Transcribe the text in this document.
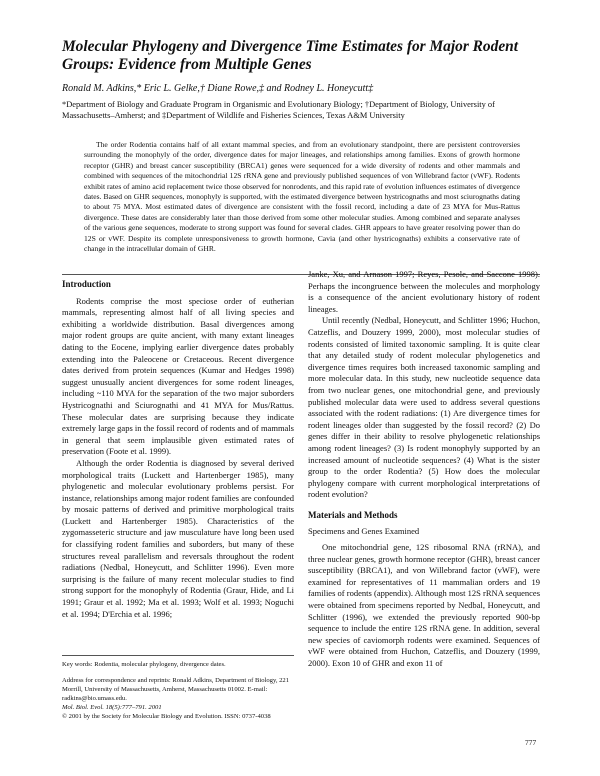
Molecular Phylogeny and Divergence Time Estimates for Major Rodent Groups: Evidence from Multiple Genes
Ronald M. Adkins,* Eric L. Gelke,† Diane Rowe,‡ and Rodney L. Honeycutt‡
*Department of Biology and Graduate Program in Organismic and Evolutionary Biology; †Department of Biology, University of Massachusetts–Amherst; and ‡Department of Wildlife and Fisheries Sciences, Texas A&M University

The order Rodentia contains half of all extant mammal species, and from an evolutionary standpoint, there are persistent controversies surrounding the monophyly of the order, divergence dates for major lineages, and relationships among families. Exons of growth hormone receptor (GHR) and breast cancer susceptibility (BRCA1) genes were sequenced for a wide diversity of rodents and other mammals and combined with sequences of the mitochondrial 12S rRNA gene and previously published sequences of von Willebrand factor (vWF). Rodents exhibit rates of amino acid replacement twice those observed for nonrodents, and this rapid rate of evolution influences estimates of divergence dates. Based on GHR sequences, monophyly is supported, with the estimated divergence between hystricognaths and most sciurognaths dating to about 75 MYA. Most estimated dates of divergence are consistent with the fossil record, including a date of 23 MYA for Mus-Rattus divergence. These dates are considerably later than those derived from some other molecular studies. Among combined and separate analyses of the various gene sequences, moderate to strong support was found for several clades. GHR appears to have greater resolving power than do 12S or vWF. Despite its complete unresponsiveness to growth hormone, Cavia (and other hystricognaths) exhibits a conservative rate of change in the intracellular domain of GHR.

Introduction

Rodents comprise the most speciose order of eutherian mammals, representing almost half of all living species and exhibiting a worldwide distribution. Basal divergences among major rodent groups are quite ancient, with many extant lineages dating to the Eocene, implying earlier divergence dates probably extending into the Paleocene or Cretaceous. Recent divergence dates derived from protein sequences (Kumar and Hedges 1998) suggest unusually ancient divergences for some rodent lineages, including ~110 MYA for the separation of the two major suborders Hystricognathi and Sciurognathi and 41 MYA for Mus/Rattus. These molecular dates are surprising because they indicate extremely large gaps in the fossil record of rodents and of mammals in general that seem implausible given estimated rates of preservation (Foote et al. 1999).

Although the order Rodentia is diagnosed by several derived morphological traits (Luckett and Hartenberger 1985), many phylogenetic and molecular evolutionary problems persist. For instance, relationships among major rodent families are confounded by mosaic patterns of derived and primitive morphological traits (Luckett and Hartenberger 1985). Characteristics of the zygomasseteric structure and jaw musculature have long been used for classifying rodent families and suborders, but many of these structures reveal parallelism and reversals throughout the rodent radiations (Nedbal, Honeycutt, and Schlitter 1996). Even more surprising is the failure of many recent molecular studies to find strong support for the monophyly of Rodentia (Graur, Hide, and Li 1991; Graur et al. 1992; Ma et al. 1993; Wolf et al. 1993; Noguchi et al. 1994; D'Erchia et al. 1996;

Key words: Rodentia, molecular phylogeny, divergence dates.
Address for correspondence and reprints: Ronald Adkins, Department of Biology, 221 Morrill, University of Massachusetts, Amherst, Massachusetts 01002. E-mail: radkins@bio.umass.edu.
Mol. Biol. Evol. 18(5):777–791. 2001
© 2001 by the Society for Molecular Biology and Evolution. ISSN: 0737-4038

Janke, Xu, and Arnason 1997; Reyes, Pesole, and Saccone 1998). Perhaps the incongruence between the molecules and morphology is a consequence of the ancient evolutionary history of rodent lineages.

Until recently (Nedbal, Honeycutt, and Schlitter 1996; Huchon, Catzeflis, and Douzery 1999, 2000), most molecular studies of rodents consisted of limited taxonomic sampling. It is quite clear that any detailed study of rodent molecular phylogenetics and divergence times requires both increased taxonomic sampling and more molecular data. In this study, new nucleotide sequence data from two nuclear genes, one mitochondrial gene, and previously published molecular data were used to address several questions associated with the rodent radiations: (1) Are divergence times for rodent lineages older than suggested by the fossil record? (2) Do genes differ in their ability to resolve phylogenetic relationships among rodent lineages? (3) Is rodent monophyly supported by an increased amount of nucleotide sequences? (4) What is the sister group to the order Rodentia? (5) How does the molecular phylogeny compare with current morphological interpretations of rodent evolution?

Materials and Methods

Specimens and Genes Examined

One mitochondrial gene, 12S ribosomal RNA (rRNA), and three nuclear genes, growth hormone receptor (GHR), breast cancer susceptibility (BRCA1), and von Willebrand factor (vWF), were examined for representatives of 11 mammalian orders and 19 families of rodents (appendix). Although most 12S rRNA sequences were obtained from specimens reported by Nedbal, Honeycutt, and Schlitter (1996), we extended the previously reported 900-bp sequence to include the entire 12S rRNA gene. In addition, several new species of caviomorph rodents were examined. Sequences of vWF were obtained from Huchon, Catzeflis, and Douzery (1999, 2000). Exon 10 of GHR and exon 11 of

777
